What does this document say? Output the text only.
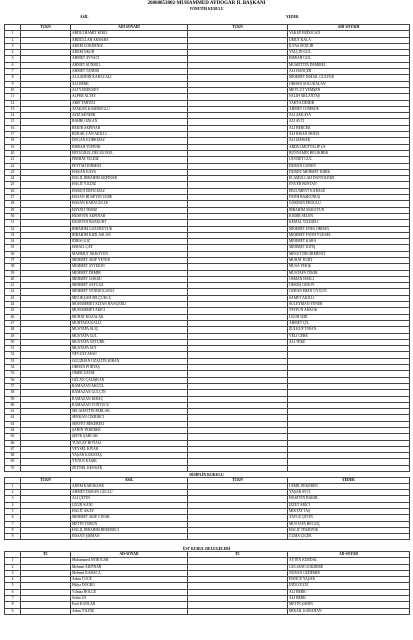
26868853802-MUHAMMED AYDOGAR IL BAŞKANI
YÖNETİM KURULU
ASİL	YEDEK
	TCKN	ADI SOYADI	TCKN	ADI SOYADI
1		ABDULHAMIT KIRLI		YAKUP ERDOĞAN
2		ABDULLAH AKBABA		ÜMÜT KALA
3		ADEM GÖKDENİZ		İLYAS ZENCİR
4		ADEM OKUR		YALÇIN GÜL
5		AHMET AYVACI		EMRAH GÖL
6		AHMET SÜNBÜL		MÜSEİTTİN DEMİREL
7		AHMET TANERİ		ALİ HANÇER
8		ALAADDİN KARACALI		MEHMET İSMAİL GÜLYER
9		ALİ BERK		ORHAN SOLUKALAN
10		ALİ YURDUSEV		MEVLÜT YEMŞEN
11		ALPER ALTAY		SALİH ARLANTAŞ
12		ARİF TARTICI		YAHYA DEMİR
13		ATAKAN KASIMOĞLU		AHMET CÖMRUK
14		AZİZ KENDİR		ALİ AKKAYA
15		BAHRİ ÖZKAN		ALİ AVCI
16		BEKİR AKPINAR		ALİ BERCEK
17		BURAK CAN AKILLI		ALİ İHSAN MODA
18		DOĞAN KORKMAZ		ALİ İZMSAR
19		EMRAH TUFENK		ABDULMUTTALİP US
20		ERTUĞRUL DELİGÖNÜL		BÜNYAMİN BELİKIRIK
21		FERHAT YILDIZ		CEVDET GÜL
22		FETTAH KIRMIZI		DURAN GÖNEN
23		HAKAN KAYA		DURDU MEHMET KIRIK
24		HALİL İBRAHİM AKPINAR		ELAMULLAH DANYILDIZI
25		HALİT YILDIZ		ENVER BOSTAN
26		HARUN ERYILMAZ		ERCÜMENT KARASU
27		HASAN HÜSEYİN CERE		FATİH BAŞKONUŞ
28		HASAN KARAGÜLLE		GÖKHAN EROĞLU
29		HAYATİ TEMİZ		İBRAHİM AKKOYUN
30		HÜSEYİN AKPINAR		KADİR SELEN
31		HÜSEYİN BOZKURT		KEMAL YILDIZLI
32		İBRAHİM GÖZÜBÜYÜK		MEHMET ENES ORHAN
33		İBRAHİM KIZILASLAN		MEHMET FATİH YÜKSEL
34		İDRİS GÖZ		MEHMET KARA
35		İSMAİL ÇAY		MEHMET KİTİŞ
36		MAHMUT AKKOYUN		MESUT DEĞİRMENCİ
37		MEHMET AKİF YETER		MURAT KURT
38		MEHMET AYTEKİN		MUSA TEKİŞ
39		MEHMET DEMİR		MUSTAFA TEKİR
40		MEHMET GÖKSU		OSMAN İMALI
41		MEHMET SAYGAZ		ÖKKEŞ ÖZSOY
42		MEHMET YENİDOĞANCI		OZHAN EREN UYGUN
43		MELİKŞAH SELÇUKLU		SAMET AKILLI
44		MUHAMMET ALTAN HANÇERLİ		SÜLEYMAN YENER
45		MUHAMMET AKICI		TAYFUN AKKÖK
46		MURAT KOZALAK		UĞUR IŞIK
47		MURTAZA KALLI		AHMET ÇİL
48		MUSTAFA ALIÇ		ZÜLKÜF TOFAN
49		MUSTAFA GÜL		VELİ CERE
50		MUSTAFA ÖZTÜRK		ALİ TEKE
51		MUSTAFA SÜT		
52		NEVZAT AKSU		
53		OĞUZHAN ÖZALTIN KİRAN		
54		ORHAN PORTAŞ		
55		ÖMER ÜZÜM		
56		ÖZCAN ÇALIŞKAN		
57		RAMAZAN AKGÜL		
58		RAMAZAN GÜLÇİN		
59		RAMAZAN KIRAÇ		
60		RAMAZAN YONTUCU		
61		SELAHATTİN PARLAK		
62		SERKAN CİKRİKCİ		
63		SERVET BEKEBECİ		
64		ŞAHİN TEKEREK		
65		ŞEFİK ŞARLAK		
66		TUNCAY BOYALI		
67		VEYSEL KIYAK		
68		YAŞAR KARATAŞ		
69		YUNUS KAŞIK		
70		ZEYNEL KENGER		
DİSİPLİN KURULU
	TCKN	ASİL	TCKN	YEDEK
1		ADEM KARAKOSE		CEMİL PEKEREN
2		AHMET DURAN GÜLLÜ		YAŞAR AVCI
3		ALİ ÇETİN		HÜSEYİN BAKIR
4		UĞUR KANI		İZZET ARICI
5		HALİT AKAY		MİKTAT TAŞ
6		MEHMET AKİF CİNAR		YAVUZ ÇETİN
7		METİN TORUN		MUSTAFA BELGİÇ
8		HALİL İBRAHİM BEKEBECİ		HALİT TEKBIYIK
9		HASAN ŞİŞMAN		CUMA ÇİÇEK
ÜST KURUL DELEGELERİ
	TC	AD-SOYAD	TC	AD-SOYAD
1		Muhammed AYDOĞAR		AYTEN KURDAL
2		Mehmet AKPINAR		GÜLSÜM GÖKDERE
3		Mehmet KARACA		NURAN ÖZDEMİR
4		Adem CÜCE		HATİCE YAŞAR
5		Hülya DOĞRU		İNDİ CEYİZ
6		Yılmaz BÖLGE		ALİ BERK
7		Selim US		ALİ BERK
8		Fırat KANLAR		METİN ŞAHİN
9		Adem YILDIZ		MİKAİL KARAHAN
